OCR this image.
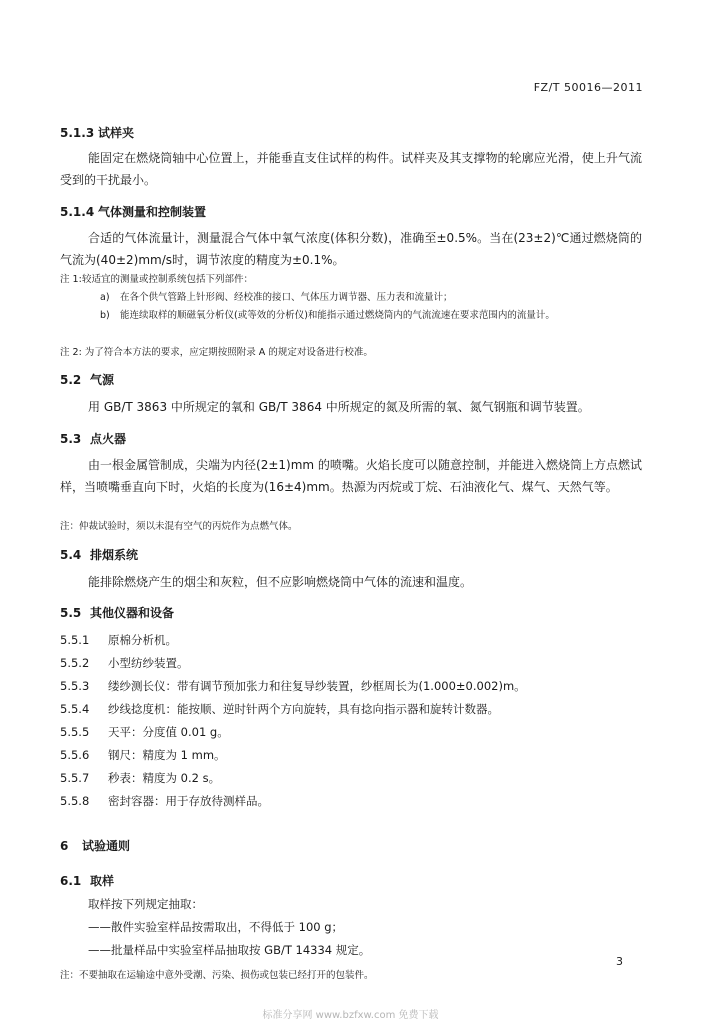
FZ/T 50016—2011
5.1.3 试样夹
能固定在燃烧筒轴中心位置上，并能垂直支住试样的构件。试样夹及其支撑物的轮廓应光滑，使上升气流受到的干扰最小。
5.1.4 气体测量和控制装置
合适的气体流量计，测量混合气体中氧气浓度(体积分数)，准确至±0.5%。当在(23±2)℃通过燃烧筒的气流为(40±2)mm/s时，调节浓度的精度为±0.1%。
注 1:较适宜的测量或控制系统包括下列部件：
a) 在各个供气管路上针形阀、经校准的接口、气体压力调节器、压力表和流量计；
b) 能连续取样的顺磁氧分析仪(或等效的分析仪)和能指示通过燃烧筒内的气流流速在要求范围内的流量计。
注 2: 为了符合本方法的要求，应定期按照附录 A 的规定对设备进行校准。
5.2 气源
用 GB/T 3863 中所规定的氧和 GB/T 3864 中所规定的氮及所需的氧、氮气钢瓶和调节装置。
5.3 点火器
由一根金属管制成，尖端为内径(2±1)mm 的喷嘴。火焰长度可以随意控制，并能进入燃烧筒上方点燃试样，当喷嘴垂直向下时，火焰的长度为(16±4)mm。热源为丙烷或丁烷、石油液化气、煤气、天然气等。
注：仲裁试验时，须以未混有空气的丙烷作为点燃气体。
5.4 排烟系统
能排除燃烧产生的烟尘和灰粒，但不应影响燃烧筒中气体的流速和温度。
5.5 其他仪器和设备
5.5.1 原棉分析机。
5.5.2 小型纺纱装置。
5.5.3 缕纱测长仪：带有调节预加张力和往复导纱装置，纱框周长为(1.000±0.002)m。
5.5.4 纱线捻度机：能按顺、逆时针两个方向旋转，具有捻向指示器和旋转计数器。
5.5.5 天平：分度值 0.01 g。
5.5.6 钢尺：精度为 1 mm。
5.5.7 秒表：精度为 0.2 s。
5.5.8 密封容器：用于存放待测样品。
6 试验通则
6.1 取样
取样按下列规定抽取：
——散件实验室样品按需取出，不得低于 100 g；
——批量样品中实验室样品抽取按 GB/T 14334 规定。
注：不要抽取在运输途中意外受潮、污染、损伤或包装已经打开的包装件。
3
标准分享网 www.bzfxw.com 免费下载
